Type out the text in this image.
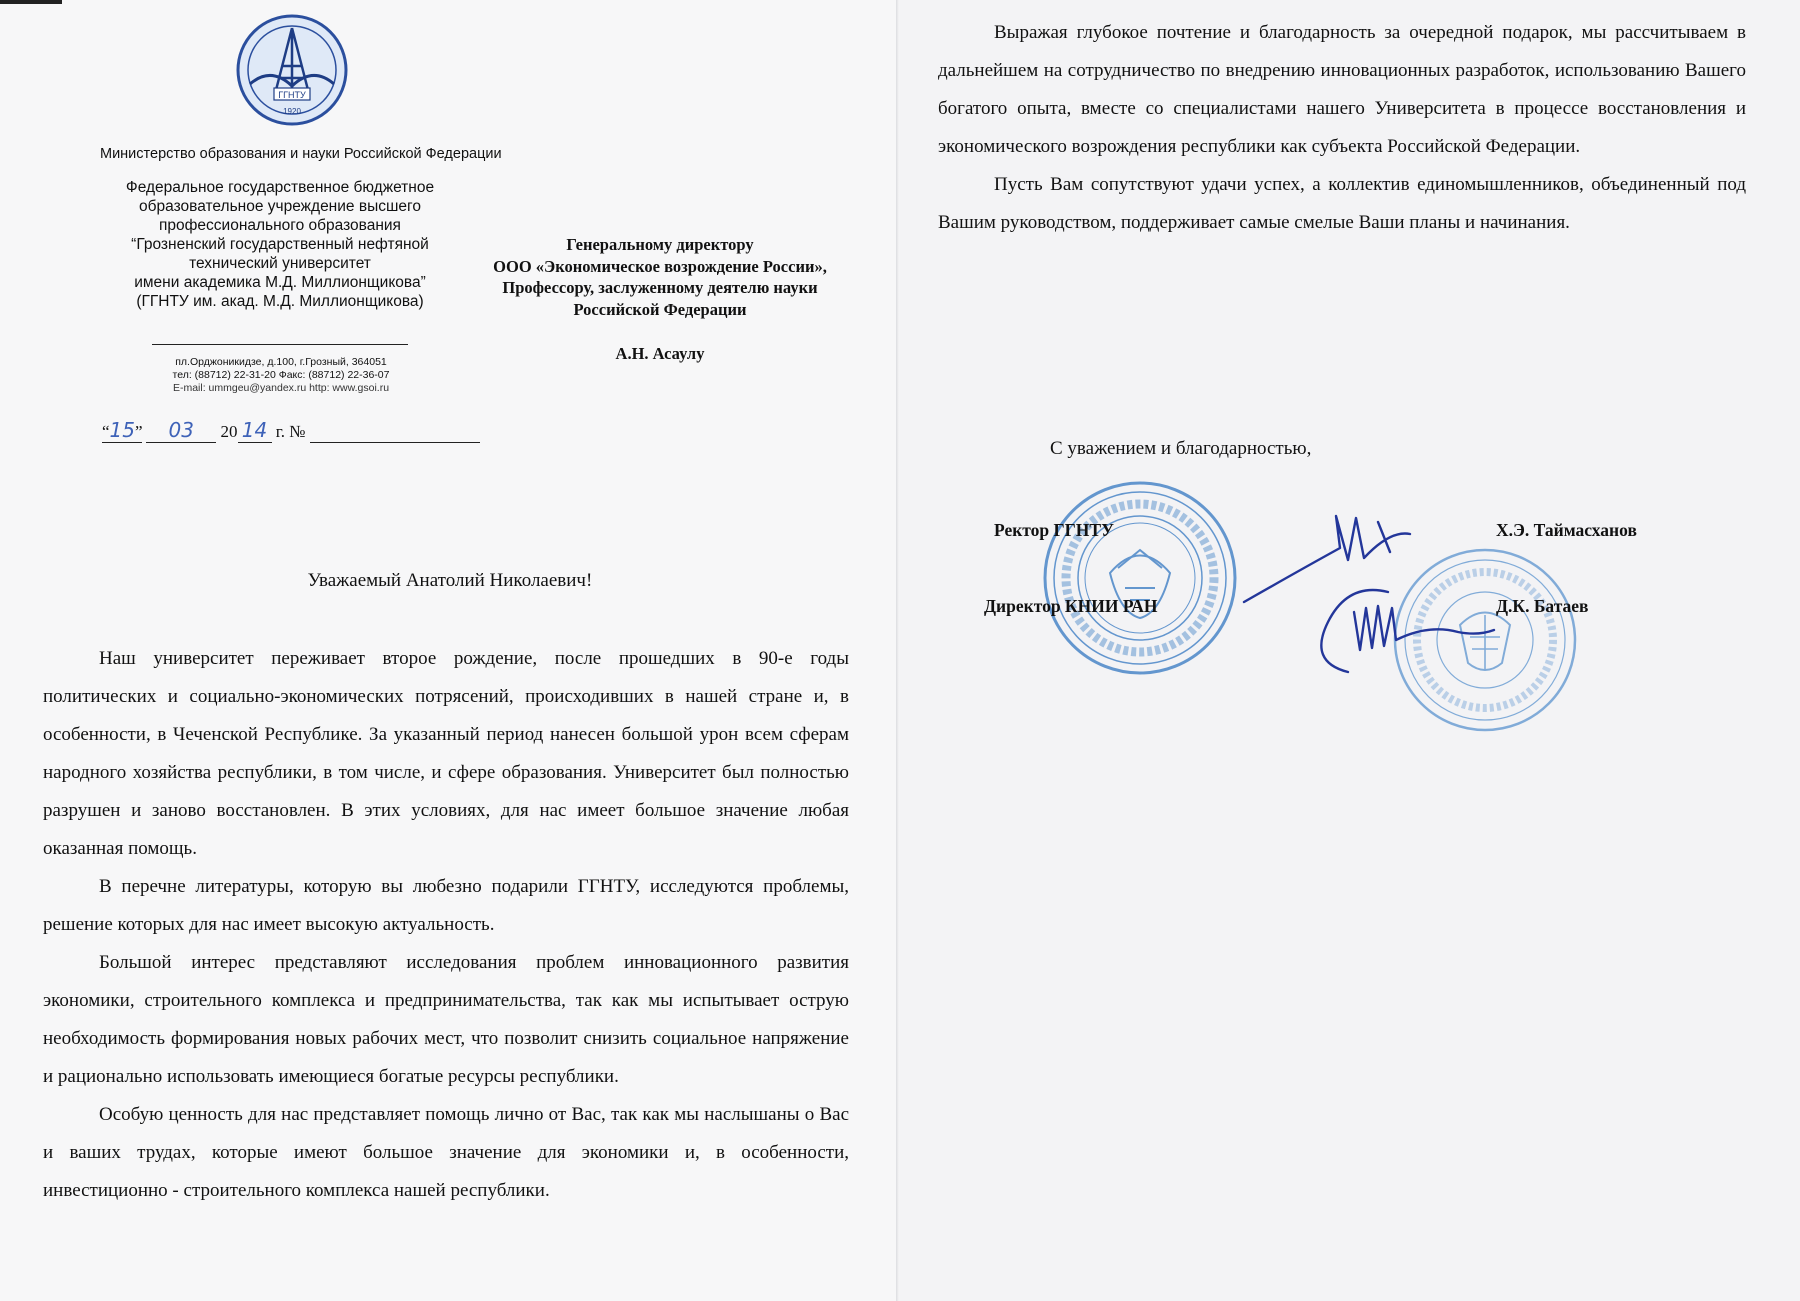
ГГНТУ
1920
Министерство образования и науки Российской Федерации
Федеральное государственное бюджетное
образовательное учреждение высшего
профессионального образования
“Грозненский государственный нефтяной
технический университет
имени академика М.Д. Миллионщикова”
(ГГНТУ им. акад. М.Д. Миллионщикова)
пл.Орджоникидзе, д.100, г.Грозный, 364051
тел: (88712) 22-31-20 Факс: (88712) 22-36-07
E-mail: ummgeu@yandex.ru http: www.gsoi.ru
Генеральному директору
ООО «Экономическое возрождение России»,
Профессору, заслуженному деятелю науки
Российской Федерации
А.Н. Асаулу
“15” 03 20 14 г. №
Уважаемый Анатолий Николаевич!

Наш университет переживает второе рождение, после прошедших в 90-е годы политических и социально-экономических потрясений, происходивших в нашей стране и, в особенности, в Чеченской Республике. За указанный период нанесен большой урон всем сферам народного хозяйства республики, в том числе, и сфере образования. Университет был полностью разрушен и заново восстановлен. В этих условиях, для нас имеет большое значение любая оказанная помощь.

В перечне литературы, которую вы любезно подарили ГГНТУ, исследуются проблемы, решение которых для нас имеет высокую актуальность.

Большой интерес представляют исследования проблем инновационного развития экономики, строительного комплекса и предпринимательства, так как мы испытывает острую необходимость формирования новых рабочих мест, что позволит снизить социальное напряжение и рационально использовать имеющиеся богатые ресурсы республики.

Особую ценность для нас представляет помощь лично от Вас, так как мы наслышаны о Вас и ваших трудах, которые имеют большое значение для экономики и, в особенности, инвестиционно - строительного комплекса нашей республики.

Выражая глубокое почтение и благодарность за очередной подарок, мы рассчитываем в дальнейшем на сотрудничество по внедрению инновационных разработок, использованию Вашего богатого опыта, вместе со специалистами нашего Университета в процессе восстановления и экономического возрождения республики как субъекта Российской Федерации.

Пусть Вам сопутствуют удачи успех, а коллектив единомышленников, объединенный под Вашим руководством, поддерживает самые смелые Ваши планы и начинания.

С уважением и благодарностью,
Ректор ГГНТУ	Х.Э. Таймасханов
Директор КНИИ РАН	Д.К. Батаев
